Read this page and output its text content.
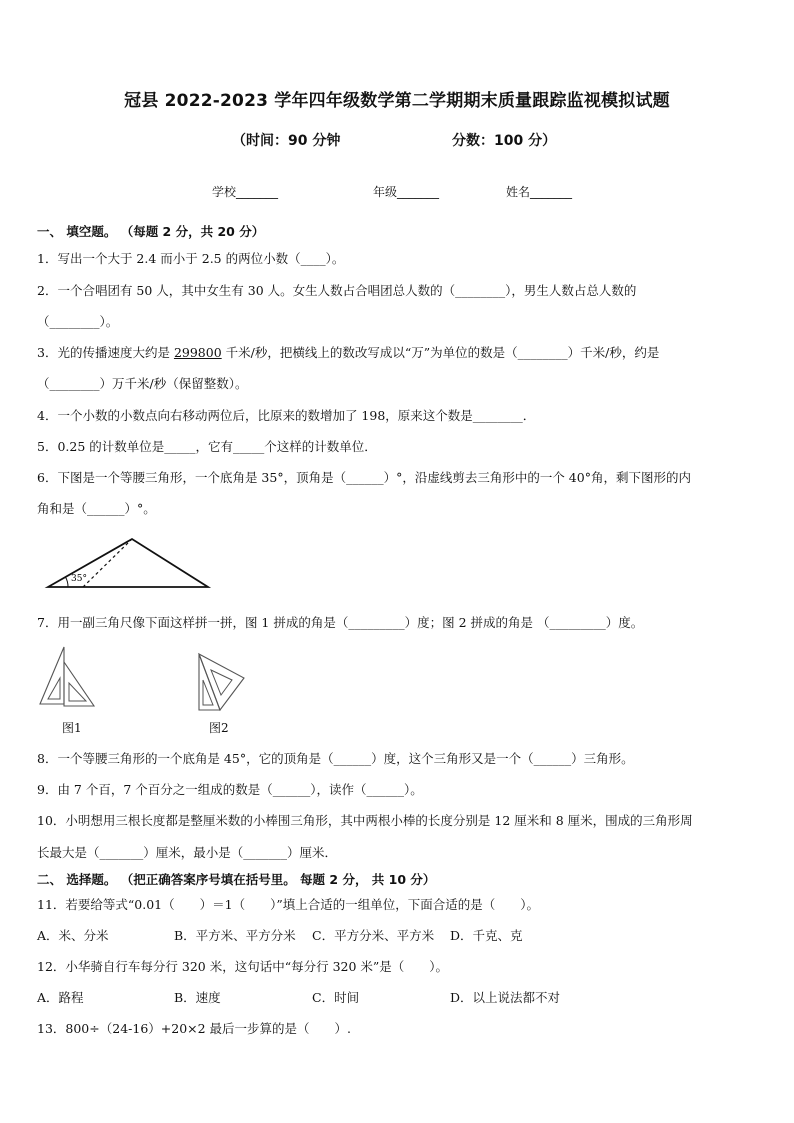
冠县 2022-2023 学年四年级数学第二学期期末质量跟踪监视模拟试题
（时间：90 分钟	分数：100 分）
学校_______	年级_______	姓名_______
一、 填空题。 （每题 2 分，共 20 分）
1．写出一个大于 2.4 而小于 2.5 的两位小数（____）。
2．一个合唱团有 50 人，其中女生有 30 人。女生人数占合唱团总人数的（________），男生人数占总人数的
（________）。
3．光的传播速度大约是 299800 千米/秒，把横线上的数改写成以“万”为单位的数是（________）千米/秒，约是
（________）万千米/秒（保留整数）。
4．一个小数的小数点向右移动两位后，比原来的数增加了 198，原来这个数是________．
5．0.25 的计数单位是_____，它有_____个这样的计数单位．
6．下图是一个等腰三角形，一个底角是 35°，顶角是（______）°，沿虚线剪去三角形中的一个 40°角，剩下图形的内
角和是（______）°。
35°
7．用一副三角尺像下面这样拼一拼，图 1 拼成的角是（_________）度；图 2 拼成的角是 （_________）度。
图1	图2
8．一个等腰三角形的一个底角是 45°，它的顶角是（______）度，这个三角形又是一个（______）三角形。
9．由 7 个百，7 个百分之一组成的数是（______），读作（______）。
10．小明想用三根长度都是整厘米数的小棒围三角形，其中两根小棒的长度分别是 12 厘米和 8 厘米，围成的三角形周
长最大是（_______）厘米，最小是（_______）厘米．
二、 选择题。 （把正确答案序号填在括号里。 每题 2 分， 共 10 分）
11．若要给等式“0.01（　　）＝1（　　）”填上合适的一组单位，下面合适的是（　　）。
A．米、分米	B．平方米、平方分米 C．平方分米、平方米 D．千克、克
12．小华骑自行车每分行 320 米，这句话中“每分行 320 米”是（　　）。
A．路程	B．速度	C．时间	D．以上说法都不对
13．800÷（24-16）+20×2 最后一步算的是（　　）.
